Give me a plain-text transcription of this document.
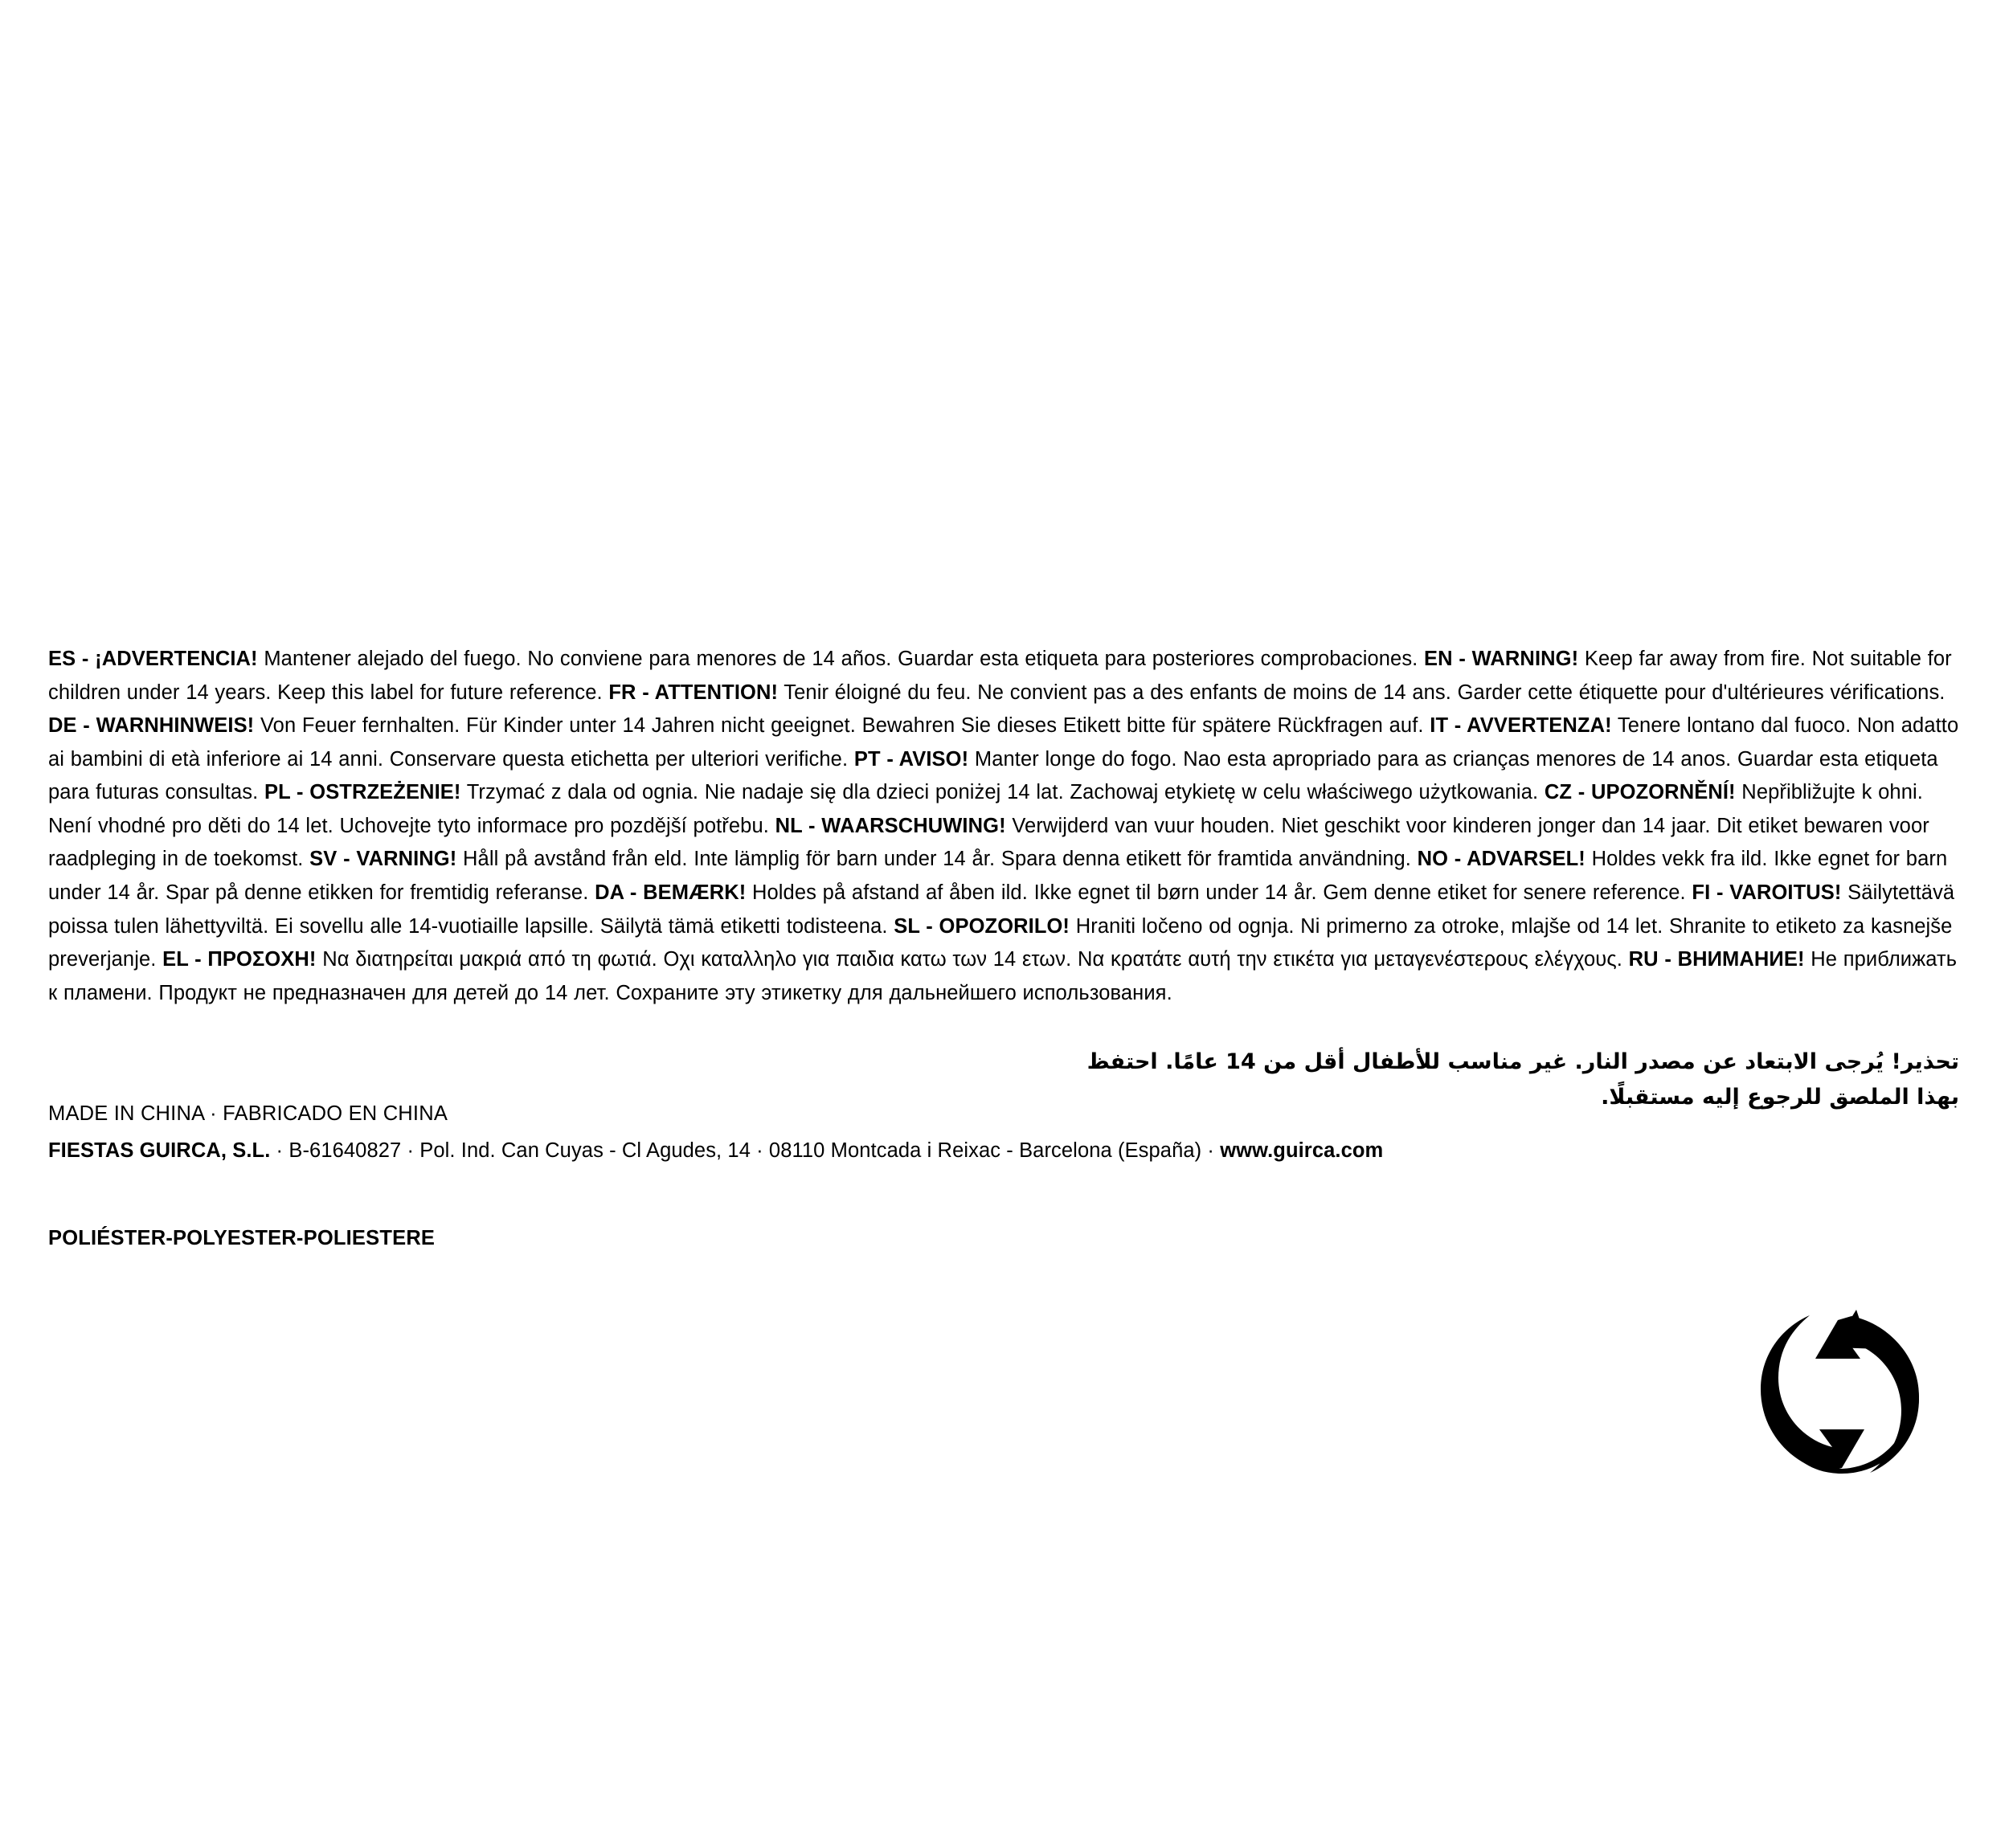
ES - ¡ADVERTENCIA! Mantener alejado del fuego. No conviene para menores de 14 años. Guardar esta etiqueta para posteriores comprobaciones. EN - WARNING! Keep far away from fire. Not suitable for children under 14 years. Keep this label for future reference. FR - ATTENTION! Tenir éloigné du feu. Ne convient pas a des enfants de moins de 14 ans. Garder cette étiquette pour d'ultérieures vérifications. DE - WARNHINWEIS! Von Feuer fernhalten. Für Kinder unter 14 Jahren nicht geeignet. Bewahren Sie dieses Etikett bitte für spätere Rückfragen auf. IT - AVVERTENZA! Tenere lontano dal fuoco. Non adatto ai bambini di età inferiore ai 14 anni. Conservare questa etichetta per ulteriori verifiche. PT - AVISO! Manter longe do fogo. Nao esta apropriado para as crianças menores de 14 anos. Guardar esta etiqueta para futuras consultas. PL - OSTRZEŻENIE! Trzymać z dala od ognia. Nie nadaje się dla dzieci poniżej 14 lat. Zachowaj etykietę w celu właściwego użytkowania. CZ - UPOZORNĚNÍ! Nepřibližujte k ohni. Není vhodné pro děti do 14 let. Uchovejte tyto informace pro pozdější potřebu. NL - WAARSCHUWING! Verwijderd van vuur houden. Niet geschikt voor kinderen jonger dan 14 jaar. Dit etiket bewaren voor raadpleging in de toekomst. SV - VARNING! Håll på avstånd från eld. Inte lämplig för barn under 14 år. Spara denna etikett för framtida användning. NO - ADVARSEL! Holdes vekk fra ild. Ikke egnet for barn under 14 år. Spar på denne etikken for fremtidig referanse. DA - BEMÆRK! Holdes på afstand af åben ild. Ikke egnet til børn under 14 år. Gem denne etiket for senere reference. FI - VAROITUS! Säilytettävä poissa tulen lähettyviltä. Ei sovellu alle 14-vuotiaille lapsille. Säilytä tämä etiketti todisteena. SL - OPOZORILO! Hraniti ločeno od ognja. Ni primerno za otroke, mlajše od 14 let. Shranite to etiketo za kasnejše preverjanje. EL - ΠΡΟΣΟΧΗ! Να διατηρείται μακριά από τη φωτιά. Οχι καταλληλο για παιδια κατω των 14 ετων. Να κρατάτε αυτή την ετικέτα για μεταγενέστερους ελέγχους. RU - ВНИМАНИЕ! Не приближать к пламени. Продукт не предназначен для детей до 14 лет. Сохраните эту этикетку для дальнейшего использования.
تحذير! يُرجى الابتعاد عن مصدر النار. غير مناسب للأطفال أقل من 14 عامًا. احتفظ بهذا الملصق للرجوع إليه مستقبلًا.
MADE IN CHINA · FABRICADO EN CHINA
FIESTAS GUIRCA, S.L. · B-61640827 · Pol. Ind. Can Cuyas - Cl Agudes, 14 · 08110 Montcada i Reixac - Barcelona (España) · www.guirca.com
POLIÉSTER-POLYESTER-POLIESTERE
